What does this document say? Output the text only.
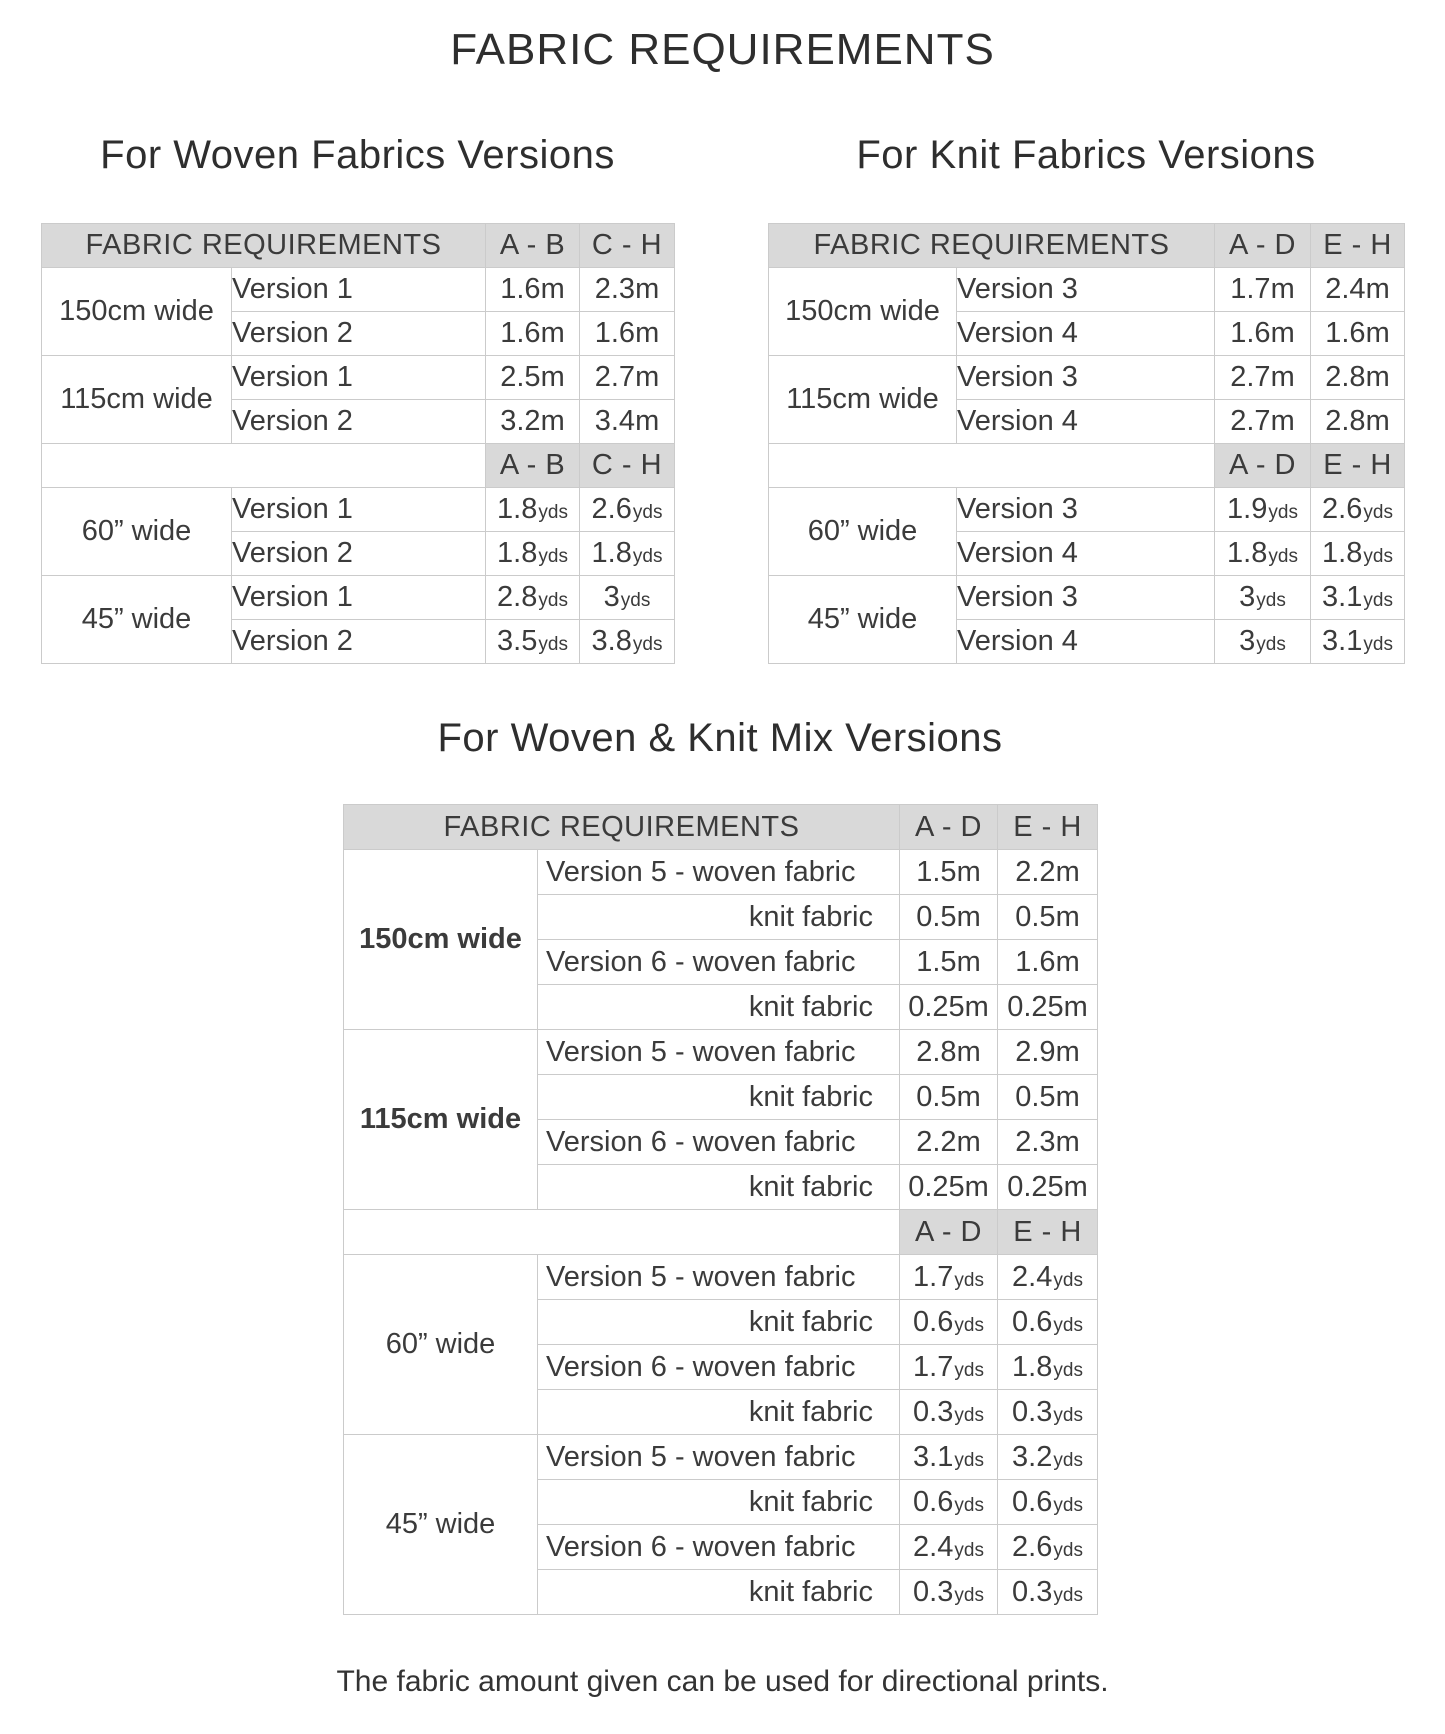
FABRIC REQUIREMENTS
For Woven Fabrics Versions
FABRIC REQUIREMENTS		A - B	C - H
150cm wide	Version 1	1.6m	2.3m
	Version 2	1.6m	1.6m
115cm wide	Version 1	2.5m	2.7m
	Version 2	3.2m	3.4m
		A - B	C - H
60” wide	Version 1	1.8yds	2.6yds
	Version 2	1.8yds	1.8yds
45” wide	Version 1	2.8yds	3yds
	Version 2	3.5yds	3.8yds
For Knit Fabrics Versions
FABRIC REQUIREMENTS		A - D	E - H
150cm wide	Version 3	1.7m	2.4m
	Version 4	1.6m	1.6m
115cm wide	Version 3	2.7m	2.8m
	Version 4	2.7m	2.8m
		A - D	E - H
60” wide	Version 3	1.9yds	2.6yds
	Version 4	1.8yds	1.8yds
45” wide	Version 3	3yds	3.1yds
	Version 4	3yds	3.1yds
For Woven & Knit Mix Versions
FABRIC REQUIREMENTS		A - D	E - H
150cm wide	Version 5 - woven fabric	1.5m	2.2m
	knit fabric	0.5m	0.5m
	Version 6 - woven fabric	1.5m	1.6m
	knit fabric	0.25m	0.25m
115cm wide	Version 5 - woven fabric	2.8m	2.9m
	knit fabric	0.5m	0.5m
	Version 6 - woven fabric	2.2m	2.3m
	knit fabric	0.25m	0.25m
		A - D	E - H
60” wide	Version 5 - woven fabric	1.7yds	2.4yds
	knit fabric	0.6yds	0.6yds
	Version 6 - woven fabric	1.7yds	1.8yds
	knit fabric	0.3yds	0.3yds
45” wide	Version 5 - woven fabric	3.1yds	3.2yds
	knit fabric	0.6yds	0.6yds
	Version 6 - woven fabric	2.4yds	2.6yds
	knit fabric	0.3yds	0.3yds
The fabric amount given can be used for directional prints.
